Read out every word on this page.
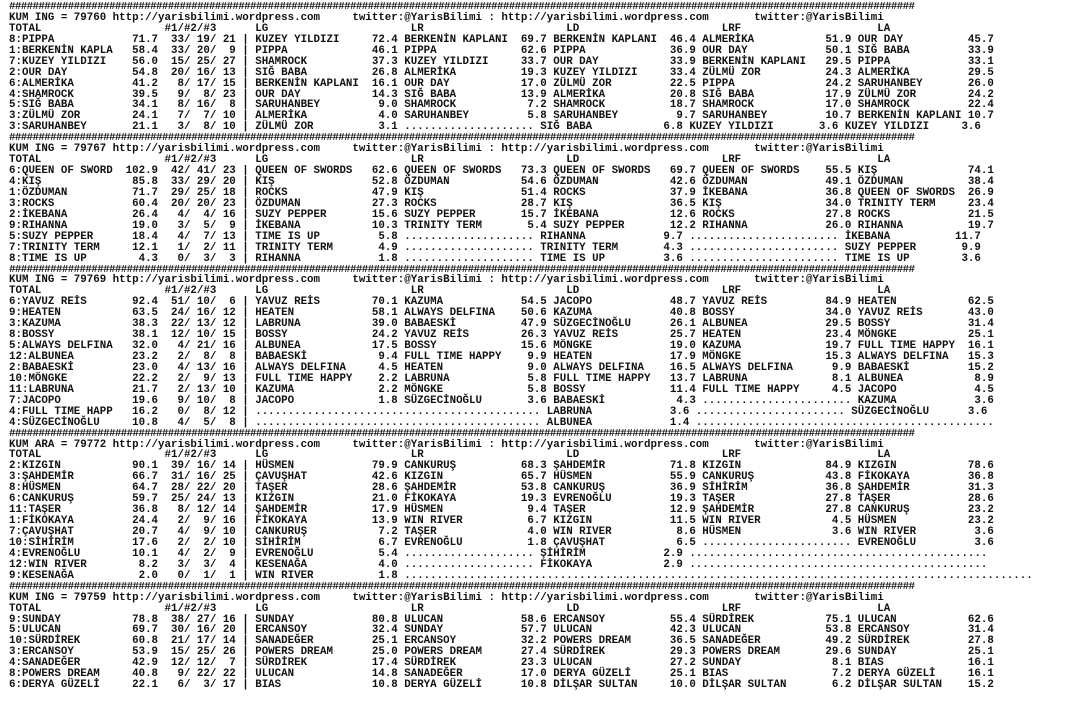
##########################################################################################################################################################
KUM ING = 79760 http://yarisbilimi.wordpress.com     twitter:@YarisBilimi : http://yarisbilimi.wordpress.com       twitter:@YarisBilimi
TOTAL                   #1/#2/#3      LG                      LR                      LD                      LRF                     LA
8:PIPPA            71.7  33/ 19/ 21 | KUZEY YILDIZI     72.4 BERKENİN KAPLANI  69.7 BERKENİN KAPLANI  46.4 ALMERİKA           51.9 OUR DAY          45.7
1:BERKENİN KAPLA   58.4  33/ 20/  9 | PIPPA             46.1 PIPPA             62.6 PIPPA             36.9 OUR DAY            50.1 SIĞ BABA         33.9
7:KUZEY YILDIZI    56.0  15/ 25/ 27 | SHAMROCK          37.3 KUZEY YILDIZI     33.7 OUR DAY           33.9 BERKENİN KAPLANI   29.5 PIPPA            33.1
2:OUR DAY          54.8  20/ 16/ 13 | SIĞ BABA          26.8 ALMERİKA          19.3 KUZEY YILDIZI     33.4 ZÜLMÜ ZOR          24.3 ALMERİKA         29.5
6:ALMERİKA         41.2   8/ 17/ 15 | BERKENİN KAPLANI  16.1 OUR DAY           17.0 ZÜLMÜ ZOR         22.5 PIPPA              24.2 SARUHANBEY       26.0
4:SHAMROCK         39.5   9/  8/ 23 | OUR DAY           14.3 SIĞ BABA          13.9 ALMERİKA          20.8 SIĞ BABA           17.9 ZÜLMÜ ZOR        24.2
5:SIĞ BABA         34.1   8/ 16/  8 | SARUHANBEY         9.0 SHAMROCK           7.2 SHAMROCK          18.7 SHAMROCK           17.0 SHAMROCK         22.4
3:ZÜLMÜ ZOR        24.1   7/  7/ 10 | ALMERİKA           4.0 SARUHANBEY         5.8 SARUHANBEY         9.7 SARUHANBEY         10.7 BERKENİN KAPLANI 10.7
3:SARUHANBEY       21.1   3/  8/ 10 | ZÜLMÜ ZOR          3.1 .................... SIĞ BABA           6.8 KUZEY YILDIZI       3.6 KUZEY YILDIZI     3.6
##########################################################################################################################################################
KUM ING = 79767 http://yarisbilimi.wordpress.com     twitter:@YarisBilimi : http://yarisbilimi.wordpress.com       twitter:@YarisBilimi
TOTAL                   #1/#2/#3      LG                      LR                      LD                      LRF                     LA
6:QUEEN OF SWORD  102.9  42/ 41/ 23 | QUEEN OF SWORDS   62.6 QUEEN OF SWORDS   73.3 QUEEN OF SWORDS   69.7 QUEEN OF SWORDS    55.5 KIŞ              74.1
4:KIŞ              85.8  33/ 29/ 20 | KIŞ               52.8 ÖZDUMAN           54.6 ÖZDUMAN           42.6 ÖZDUMAN            49.1 ÖZDUMAN          38.4
1:ÖZDUMAN          71.7  29/ 25/ 18 | ROCKS             47.9 KIŞ               51.4 ROCKS             37.9 İKEBANA            36.8 QUEEN OF SWORDS  26.9
3:ROCKS            60.4  20/ 20/ 23 | ÖZDUMAN           27.3 ROCKS             28.7 KIŞ               36.5 KIŞ                34.0 TRINITY TERM     23.4
2:İKEBANA          26.4   4/  4/ 16 | SUZY PEPPER       15.6 SUZY PEPPER       15.7 İKEBANA           12.6 ROCKS              27.8 ROCKS            21.5
9:RIHANNA          19.0   3/  5/  9 | İKEBANA           10.3 TRINITY TERM       5.4 SUZY PEPPER       12.2 RIHANNA            26.0 RIHANNA          19.7
5:SUZY PEPPER      18.4   4/  7/ 13 | TIME IS UP         5.8 .................... RIHANNA            9.7 ....................... İKEBANA          11.7
7:TRINITY TERM     12.1   1/  2/ 11 | TRINITY TERM       4.9 .................... TRINITY TERM       4.3 ....................... SUZY PEPPER       9.9
8:TIME IS UP        4.3   0/  3/  3 | RIHANNA            1.8 .................... TIME IS UP         3.6 ....................... TIME IS UP        3.6
##########################################################################################################################################################
KUM ING = 79769 http://yarisbilimi.wordpress.com     twitter:@YarisBilimi : http://yarisbilimi.wordpress.com       twitter:@YarisBilimi
TOTAL                   #1/#2/#3      LG                      LR                      LD                      LRF                     LA
6:YAVUZ REİS       92.4  51/ 10/  6 | YAVUZ REİS        70.1 KAZUMA            54.5 JACOPO            48.7 YAVUZ REİS         84.9 HEATEN           62.5
9:HEATEN           63.5  24/ 16/ 12 | HEATEN            58.1 ALWAYS DELFINA    50.6 KAZUMA            40.8 BOSSY              34.0 YAVUZ REİS       43.0
3:KAZUMA           38.3  22/ 13/ 12 | LABRUNA           39.0 BABAESKİ          47.9 SÜZGECİNOĞLU      26.1 ALBUNEA            29.5 BOSSY            31.4
8:BOSSY            38.1  12/ 10/ 15 | BOSSY             24.2 YAVUZ REİS        26.3 YAVUZ REİS        25.7 HEATEN             23.4 MÖNGKE           25.1
5:ALWAYS DELFINA   32.0   4/ 21/ 16 | ALBUNEA           17.5 BOSSY             15.6 MÖNGKE            19.0 KAZUMA             19.7 FULL TIME HAPPY  16.1
12:ALBUNEA         23.2   2/  8/  8 | BABAESKİ           9.4 FULL TIME HAPPY    9.9 HEATEN            17.9 MÖNGKE             15.3 ALWAYS DELFINA   15.3
2:BABAESKİ         23.0   4/ 13/ 16 | ALWAYS DELFINA     4.5 HEATEN             9.0 ALWAYS DELFINA    16.5 ALWAYS DELFINA      9.9 BABAESKİ         15.2
10:MÖNGKE          22.2   2/  9/ 13 | FULL TIME HAPPY    2.2 LABRUNA            5.8 FULL TIME HAPPY   13.7 LABRUNA             8.1 ALBUNEA           8.9
11:LABRUNA         21.7   2/ 13/ 10 | KAZUMA             2.2 MÖNGKE             5.8 BOSSY             11.4 FULL TIME HAPPY     4.5 JACOPO            4.5
7:JACOPO           19.6   9/ 10/  8 | JACOPO             1.8 SÜZGECİNOĞLU       3.6 BABAESKİ           4.3 ....................... KAZUMA            3.6
4:FULL TIME HAPP   16.2   0/  8/ 12 | ............................................ LABRUNA            3.6 ....................... SÜZGECİNOĞLU      3.6
4:SÜZGECİNOĞLU     10.8   4/  5/  8 | ............................................ ALBUNEA            1.4 ..............................................
##########################################################################################################################################################
KUM ARA = 79772 http://yarisbilimi.wordpress.com     twitter:@YarisBilimi : http://yarisbilimi.wordpress.com       twitter:@YarisBilimi
TOTAL                   #1/#2/#3      LG                      LR                      LD                      LRF                     LA
2:KIZGIN           90.1  39/ 16/ 14 | HÜSMEN            79.9 CANKURUŞ          68.3 ŞAHDEMİR          71.8 KIZGIN             84.9 KIZGIN           78.6
3:ŞAHDEMİR         66.7  31/ 16/ 25 | ÇAVUŞHAT          42.6 KIZGIN            65.7 HÜSMEN            55.9 CANKURUŞ           43.8 FİKOKAYA         36.8
8:HÜSMEN           64.7  28/ 22/ 20 | TAŞER             28.6 ŞAHDEMİR          53.8 CANKURUŞ          36.9 SİHİRİM            36.8 ŞAHDEMİR         31.3
6:CANKURUŞ         59.7  25/ 24/ 13 | KIZGIN            21.0 FİKOKAYA          19.3 EVRENOĞLU         19.3 TAŞER              27.8 TAŞER            28.6
11:TAŞER           36.8   8/ 12/ 14 | ŞAHDEMİR          17.9 HÜSMEN             9.4 TAŞER             12.9 ŞAHDEMİR           27.8 CANKURUŞ         23.2
1:FİKOKAYA         24.4   2/  9/ 16 | FİKOKAYA          13.9 WIN RIVER          6.7 KIZGIN            11.5 WIN RIVER           4.5 HÜSMEN           23.2
7:ÇAVUŞHAT         20.7   4/  9/ 10 | CANKURUŞ           7.2 TAŞER              4.0 WIN RIVER          8.6 HÜSMEN              3.6 WIN RIVER         3.6
10:SİHİRİM         17.6   2/  2/ 10 | SİHİRİM            6.7 EVRENOĞLU          1.8 ÇAVUŞHAT           6.5 ....................... EVRENOĞLU         3.6
4:EVRENOĞLU        10.1   4/  2/  9 | EVRENOĞLU          5.4 .................... ŞİHİRİM            2.9 ..............................................
12:WIN RIVER        8.2   3/  3/  4 | KESENAĞA           4.0 .................... FİKOKAYA           2.9 ..............................................
9:KESENAĞA          2.0   0/  1/  1 | WIN RIVER          1.8 .................................................................................................
##########################################################################################################################################################
KUM ING = 79759 http://yarisbilimi.wordpress.com     twitter:@YarisBilimi : http://yarisbilimi.wordpress.com       twitter:@YarisBilimi
TOTAL                   #1/#2/#3      LG                      LR                      LD                      LRF                     LA
9:SUNDAY           78.8  38/ 27/ 16 | SUNDAY            80.8 ULUCAN            58.6 ERCANSOY          55.4 SÜRDİREK           75.1 ULUCAN           62.6
5:ULUCAN           69.7  30/ 16/ 20 | ERCANSOY          32.4 SUNDAY            57.7 ULUCAN            42.3 ULUCAN             53.8 ERCANSOY         31.4
10:SÜRDİREK        60.8  21/ 17/ 14 | SANADEĞER         25.1 ERCANSOY          32.2 POWERS DREAM      36.5 SANADEĞER          49.2 SÜRDİREK         27.8
3:ERCANSOY         53.9  15/ 25/ 26 | POWERS DREAM      25.0 POWERS DREAM      27.4 SÜRDİREK          29.3 POWERS DREAM       29.6 SUNDAY           25.1
4:SANADEĞER        42.9  12/ 12/  7 | SÜRDİREK          17.4 SÜRDİREK          23.3 ULUCAN            27.2 SUNDAY              8.1 BIAS             16.1
8:POWERS DREAM     40.8   9/ 22/ 22 | ULUCAN            14.8 SANADEĞER         17.0 DERYA GÜZELİ      25.1 BIAS                7.2 DERYA GÜZELİ     16.1
6:DERYA GÜZELİ     22.1   6/  3/ 17 | BIAS              10.8 DERYA GÜZELİ      10.8 DİLŞAR SULTAN     10.0 DİLŞAR SULTAN       6.2 DİLŞAR SULTAN    15.2
